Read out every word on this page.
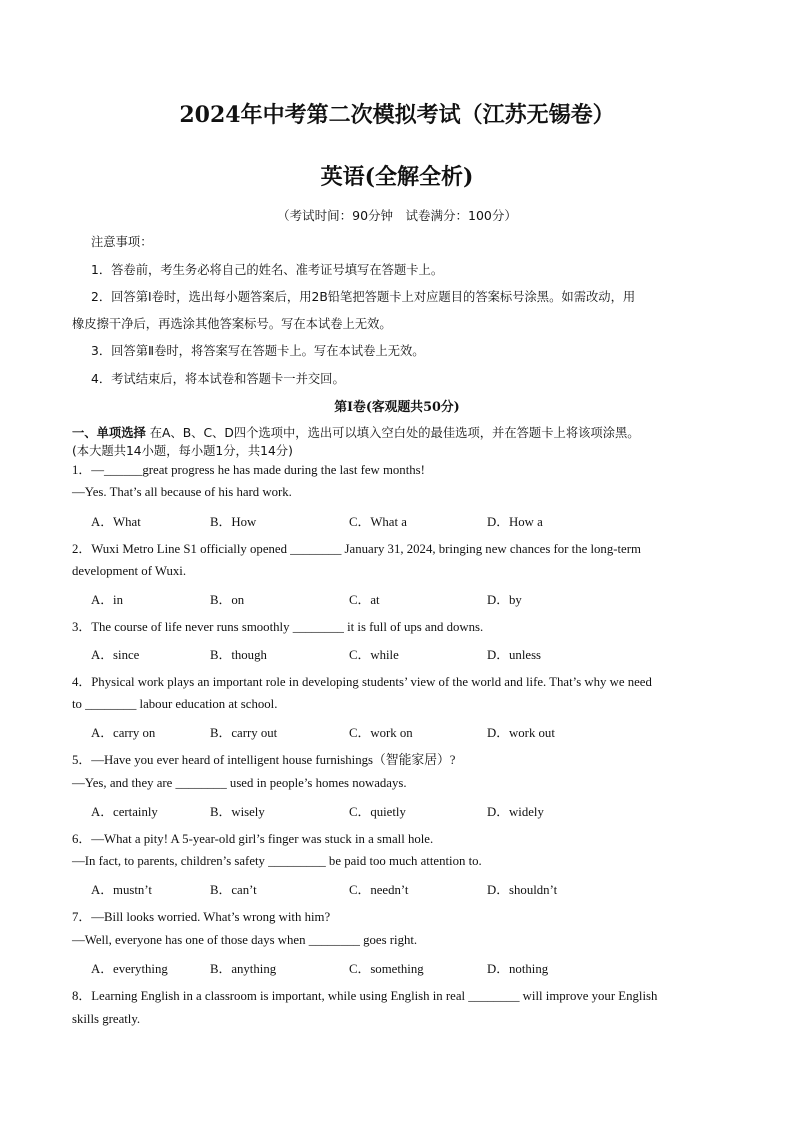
2024年中考第二次模拟考试（江苏无锡卷）
英语(全解全析)
（考试时间：90分钟　试卷满分：100分）
注意事项：
1．答卷前，考生务必将自己的姓名、准考证号填写在答题卡上。
2．回答第Ⅰ卷时，选出每小题答案后，用2B铅笔把答题卡上对应题目的答案标号涂黑。如需改动，用
橡皮擦干净后，再选涂其他答案标号。写在本试卷上无效。
3．回答第Ⅱ卷时，将答案写在答题卡上。写在本试卷上无效。
4．考试结束后，将本试卷和答题卡一并交回。
第Ⅰ卷(客观题共50分)
一、单项选择 在A、B、C、D四个选项中，选出可以填入空白处的最佳选项，并在答题卡上将该项涂黑。
(本大题共14小题，每小题1分，共14分)
1．—______great progress he has made during the last few months!
—Yes. That’s all because of his hard work.
A．What	B．How	C．What a	D．How a
2．Wuxi Metro Line S1 officially opened ________ January 31, 2024, bringing new chances for the long-term
development of Wuxi.
A．in	B．on	C．at	D．by
3．The course of life never runs smoothly ________ it is full of ups and downs.
A．since	B．though	C．while	D．unless
4．Physical work plays an important role in developing students’ view of the world and life. That’s why we need
to ________ labour education at school.
A．carry on	B．carry out	C．work on	D．work out
5．—Have you ever heard of intelligent house furnishings（智能家居）?
—Yes, and they are ________ used in people’s homes nowadays.
A．certainly	B．wisely	C．quietly	D．widely
6．—What a pity! A 5-year-old girl’s finger was stuck in a small hole.
—In fact, to parents, children’s safety _________ be paid too much attention to.
A．mustn’t	B．can’t	C．needn’t	D．shouldn’t
7．—Bill looks worried. What’s wrong with him?
—Well, everyone has one of those days when ________ goes right.
A．everything	B．anything	C．something	D．nothing
8．Learning English in a classroom is important, while using English in real ________ will improve your English
skills greatly.
